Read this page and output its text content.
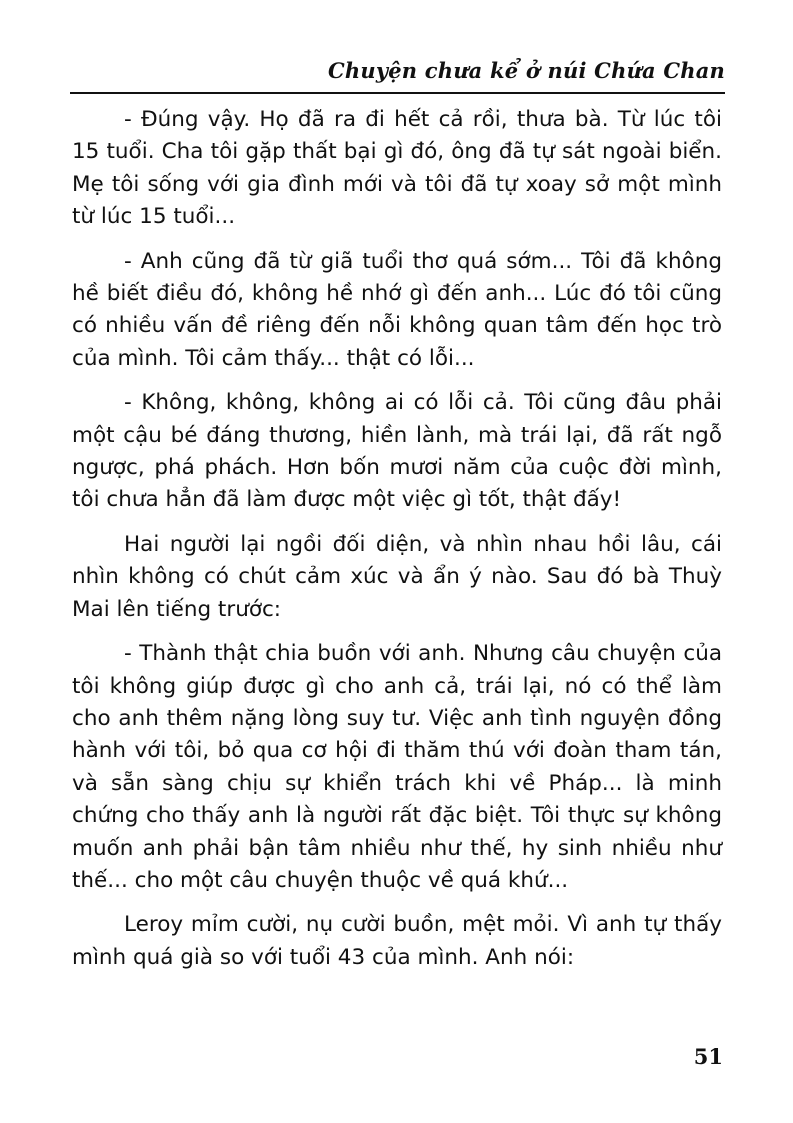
Chuyện chưa kể ở núi Chứa Chan

- Đúng vậy. Họ đã ra đi hết cả rồi, thưa bà. Từ lúc tôi 15 tuổi. Cha tôi gặp thất bại gì đó, ông đã tự sát ngoài biển. Mẹ tôi sống với gia đình mới và tôi đã tự xoay sở một mình từ lúc 15 tuổi...

- Anh cũng đã từ giã tuổi thơ quá sớm... Tôi đã không hề biết điều đó, không hề nhớ gì đến anh... Lúc đó tôi cũng có nhiều vấn đề riêng đến nỗi không quan tâm đến học trò của mình. Tôi cảm thấy... thật có lỗi...

- Không, không, không ai có lỗi cả. Tôi cũng đâu phải một cậu bé đáng thương, hiền lành, mà trái lại, đã rất ngỗ ngược, phá phách. Hơn bốn mươi năm của cuộc đời mình, tôi chưa hẳn đã làm được một việc gì tốt, thật đấy!

Hai người lại ngồi đối diện, và nhìn nhau hồi lâu, cái nhìn không có chút cảm xúc và ẩn ý nào. Sau đó bà Thuỳ Mai lên tiếng trước:

- Thành thật chia buồn với anh. Nhưng câu chuyện của tôi không giúp được gì cho anh cả, trái lại, nó có thể làm cho anh thêm nặng lòng suy tư. Việc anh tình nguyện đồng hành với tôi, bỏ qua cơ hội đi thăm thú với đoàn tham tán, và sẵn sàng chịu sự khiển trách khi về Pháp... là minh chứng cho thấy anh là người rất đặc biệt. Tôi thực sự không muốn anh phải bận tâm nhiều như thế, hy sinh nhiều như thế... cho một câu chuyện thuộc về quá khứ...

Leroy mỉm cười, nụ cười buồn, mệt mỏi. Vì anh tự thấy mình quá già so với tuổi 43 của mình. Anh nói:

51
